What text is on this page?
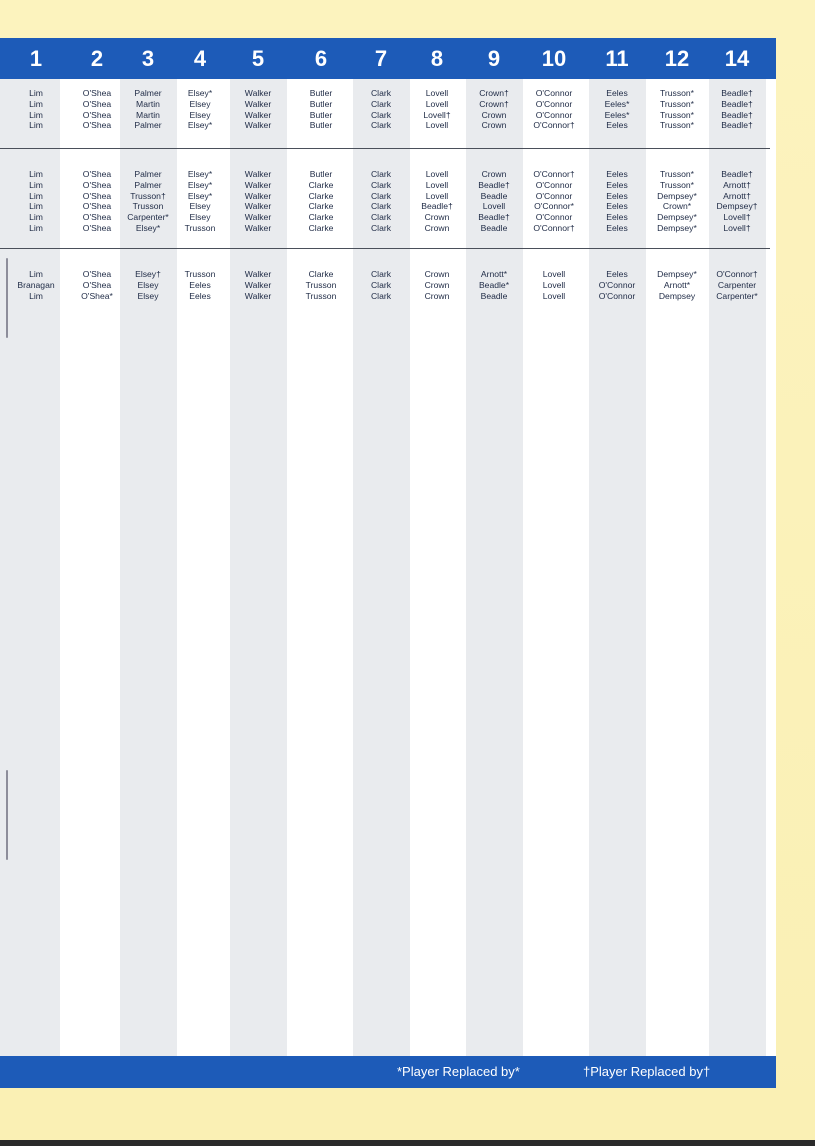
1	2	3	4	5	6	7	8	9	10	11	12	14
Lim	O'Shea	Palmer	Elsey*	Walker	Butler	Clark	Lovell	Crown†	O'Connor	Eeles	Trusson*	Beadle†
Lim	O'Shea	Martin	Elsey	Walker	Butler	Clark	Lovell	Crown†	O'Connor	Eeles*	Trusson*	Beadle†
Lim	O'Shea	Martin	Elsey	Walker	Butler	Clark	Lovell†	Crown	O'Connor	Eeles*	Trusson*	Beadle†
Lim	O'Shea	Palmer	Elsey*	Walker	Butler	Clark	Lovell	Crown	O'Connor†	Eeles	Trusson*	Beadle†
Lim	O'Shea	Palmer	Elsey*	Walker	Butler	Clark	Lovell	Crown	O'Connor†	Eeles	Trusson*	Beadle†
Lim	O'Shea	Palmer	Elsey*	Walker	Clarke	Clark	Lovell	Beadle†	O'Connor	Eeles	Trusson*	Arnott†
Lim	O'Shea	Trusson†	Elsey*	Walker	Clarke	Clark	Lovell	Beadle	O'Connor	Eeles	Dempsey*	Arnott†
Lim	O'Shea	Trusson	Elsey	Walker	Clarke	Clark	Beadle†	Lovell	O'Connor*	Eeles	Crown*	Dempsey†
Lim	O'Shea	Carpenter*	Elsey	Walker	Clarke	Clark	Crown	Beadle†	O'Connor	Eeles	Dempsey*	Lovell†
Lim	O'Shea	Elsey*	Trusson	Walker	Clarke	Clark	Crown	Beadle	O'Connor†	Eeles	Dempsey*	Lovell†
Lim	O'Shea	Elsey†	Trusson	Walker	Clarke	Clark	Crown	Arnott*	Lovell	Eeles	Dempsey*	O'Connor†
Branagan	O'Shea	Elsey	Eeles	Walker	Trusson	Clark	Crown	Beadle*	Lovell	O'Connor	Arnott*	Carpenter
Lim	O'Shea*	Elsey	Eeles	Walker	Trusson	Clark	Crown	Beadle	Lovell	O'Connor	Dempsey	Carpenter*
*Player Replaced by*	†Player Replaced by†
